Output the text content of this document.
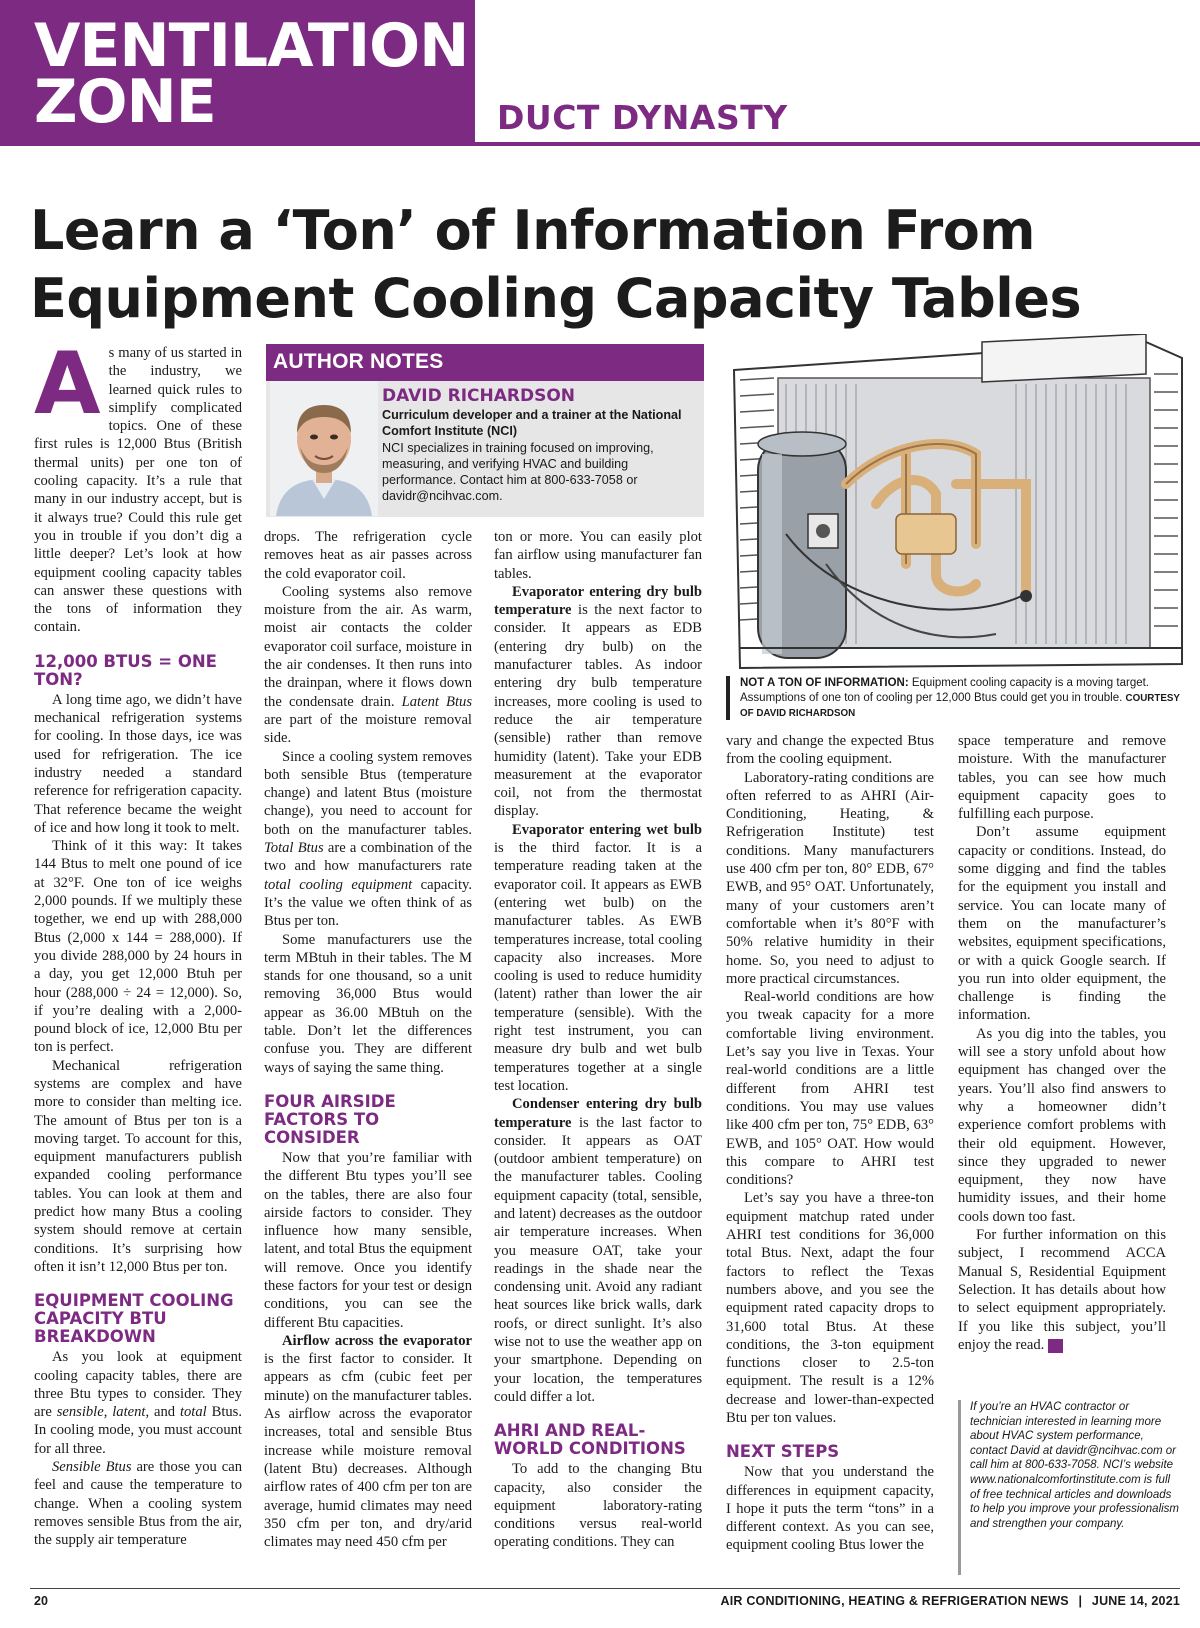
VENTILATION
ZONE	DUCT DYNASTY
Learn a ‘Ton’ of Information From
Equipment Cooling Capacity Tables

As many of us started in the industry, we learned quick rules to simplify complicated topics. One of these first rules is 12,000 Btus (British thermal units) per one ton of cooling capacity. It’s a rule that many in our industry accept, but is it always true? Could this rule get you in trouble if you don’t dig a little deeper? Let’s look at how equipment cooling capacity tables can answer these questions with the tons of information they contain.

12,000 BTUS = ONE TON?

A long time ago, we didn’t have mechanical refrigeration systems for cooling. In those days, ice was used for refrigeration. The ice industry needed a standard reference for refrigeration capacity. That reference became the weight of ice and how long it took to melt.

Think of it this way: It takes 144 Btus to melt one pound of ice at 32°F. One ton of ice weighs 2,000 pounds. If we multiply these together, we end up with 288,000 Btus (2,000 x 144 = 288,000). If you divide 288,000 by 24 hours in a day, you get 12,000 Btuh per hour (288,000 ÷ 24 = 12,000). So, if you’re dealing with a 2,000-pound block of ice, 12,000 Btu per ton is perfect.

Mechanical refrigeration systems are complex and have more to consider than melting ice. The amount of Btus per ton is a moving target. To account for this, equipment manufacturers publish expanded cooling performance tables. You can look at them and predict how many Btus a cooling system should remove at certain conditions. It’s surprising how often it isn’t 12,000 Btus per ton.

EQUIPMENT COOLING CAPACITY BTU BREAKDOWN

As you look at equipment cooling capacity tables, there are three Btu types to consider. They are sensible, latent, and total Btus. In cooling mode, you must account for all three.

Sensible Btus are those you can feel and cause the temperature to change. When a cooling system removes sensible Btus from the air, the supply air temperature

AUTHOR NOTES
DAVID RICHARDSON
Curriculum developer and a trainer at the National Comfort Institute (NCI)
NCI specializes in training focused on improving, measuring, and verifying HVAC and building performance. Contact him at 800-633-7058 or davidr@ncihvac.com.

drops. The refrigeration cycle removes heat as air passes across the cold evaporator coil.

Cooling systems also remove moisture from the air. As warm, moist air contacts the colder evaporator coil surface, moisture in the air condenses. It then runs into the drainpan, where it flows down the condensate drain. Latent Btus are part of the moisture removal side.

Since a cooling system removes both sensible Btus (temperature change) and latent Btus (moisture change), you need to account for both on the manufacturer tables. Total Btus are a combination of the two and how manufacturers rate total cooling equipment capacity. It’s the value we often think of as Btus per ton.

Some manufacturers use the term MBtuh in their tables. The M stands for one thousand, so a unit removing 36,000 Btus would appear as 36.00 MBtuh on the table. Don’t let the differences confuse you. They are different ways of saying the same thing.

FOUR AIRSIDE FACTORS TO CONSIDER

Now that you’re familiar with the different Btu types you’ll see on the tables, there are also four airside factors to consider. They influence how many sensible, latent, and total Btus the equipment will remove. Once you identify these factors for your test or design conditions, you can see the different Btu capacities.

Airflow across the evaporator is the first factor to consider. It appears as cfm (cubic feet per minute) on the manufacturer tables. As airflow across the evaporator increases, total and sensible Btus increase while moisture removal (latent Btu) decreases. Although airflow rates of 400 cfm per ton are average, humid climates may need 350 cfm per ton, and dry/arid climates may need 450 cfm per

ton or more. You can easily plot fan airflow using manufacturer fan tables.

Evaporator entering dry bulb temperature is the next factor to consider. It appears as EDB (entering dry bulb) on the manufacturer tables. As indoor entering dry bulb temperature increases, more cooling is used to reduce the air temperature (sensible) rather than remove humidity (latent). Take your EDB measurement at the evaporator coil, not from the thermostat display.

Evaporator entering wet bulb is the third factor. It is a temperature reading taken at the evaporator coil. It appears as EWB (entering wet bulb) on the manufacturer tables. As EWB temperatures increase, total cooling capacity also increases. More cooling is used to reduce humidity (latent) rather than lower the air temperature (sensible). With the right test instrument, you can measure dry bulb and wet bulb temperatures together at a single test location.

Condenser entering dry bulb temperature is the last factor to consider. It appears as OAT (outdoor ambient temperature) on the manufacturer tables. Cooling equipment capacity (total, sensible, and latent) decreases as the outdoor air temperature increases. When you measure OAT, take your readings in the shade near the condensing unit. Avoid any radiant heat sources like brick walls, dark roofs, or direct sunlight. It’s also wise not to use the weather app on your smartphone. Depending on your location, the temperatures could differ a lot.

AHRI AND REAL-WORLD CONDITIONS

To add to the changing Btu capacity, also consider the equipment laboratory-rating conditions versus real-world operating conditions. They can

NOT A TON OF INFORMATION: Equipment cooling capacity is a moving target. Assumptions of one ton of cooling per 12,000 Btus could get you in trouble. COURTESY OF DAVID RICHARDSON

vary and change the expected Btus from the cooling equipment.

Laboratory-rating conditions are often referred to as AHRI (Air-Conditioning, Heating, & Refrigeration Institute) test conditions. Many manufacturers use 400 cfm per ton, 80° EDB, 67° EWB, and 95° OAT. Unfortunately, many of your customers aren’t comfortable when it’s 80°F with 50% relative humidity in their home. So, you need to adjust to more practical circumstances.

Real-world conditions are how you tweak capacity for a more comfortable living environment. Let’s say you live in Texas. Your real-world conditions are a little different from AHRI test conditions. You may use values like 400 cfm per ton, 75° EDB, 63° EWB, and 105° OAT. How would this compare to AHRI test conditions?

Let’s say you have a three-ton equipment matchup rated under AHRI test conditions for 36,000 total Btus. Next, adapt the four factors to reflect the Texas numbers above, and you see the equipment rated capacity drops to 31,600 total Btus. At these conditions, the 3-ton equipment functions closer to 2.5-ton equipment. The result is a 12% decrease and lower-than-expected Btu per ton values.

NEXT STEPS

Now that you understand the differences in equipment capacity, I hope it puts the term “tons” in a different context. As you can see, equipment cooling Btus lower the

space temperature and remove moisture. With the manufacturer tables, you can see how much equipment capacity goes to fulfilling each purpose.

Don’t assume equipment capacity or conditions. Instead, do some digging and find the tables for the equipment you install and service. You can locate many of them on the manufacturer’s websites, equipment specifications, or with a quick Google search. If you run into older equipment, the challenge is finding the information.

As you dig into the tables, you will see a story unfold about how equipment has changed over the years. You’ll also find answers to why a homeowner didn’t experience comfort problems with their old equipment. However, since they upgraded to newer equipment, they now have humidity issues, and their home cools down too fast.

For further information on this subject, I recommend ACCA Manual S, Residential Equipment Selection. It has details about how to select equipment appropriately. If you like this subject, you’ll enjoy the read. N

If you’re an HVAC contractor or technician interested in learning more about HVAC system performance, contact David at davidr@ncihvac.com or call him at 800-633-7058. NCI’s website www.nationalcomfortinstitute.com is full of free technical articles and downloads to help you improve your professionalism and strengthen your company.
20	AIR CONDITIONING, HEATING & REFRIGERATION NEWS | JUNE 14, 2021
